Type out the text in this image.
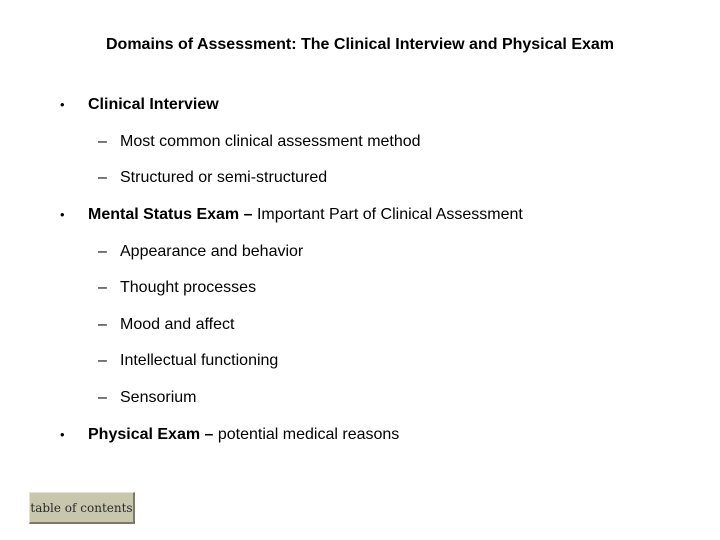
Domains of Assessment: The Clinical Interview and Physical Exam
• Clinical Interview
– Most common clinical assessment method
– Structured or semi-structured
• Mental Status Exam – Important Part of Clinical Assessment
– Appearance and behavior
– Thought processes
– Mood and affect
– Intellectual functioning
– Sensorium
• Physical Exam – potential medical reasons
table of contents
